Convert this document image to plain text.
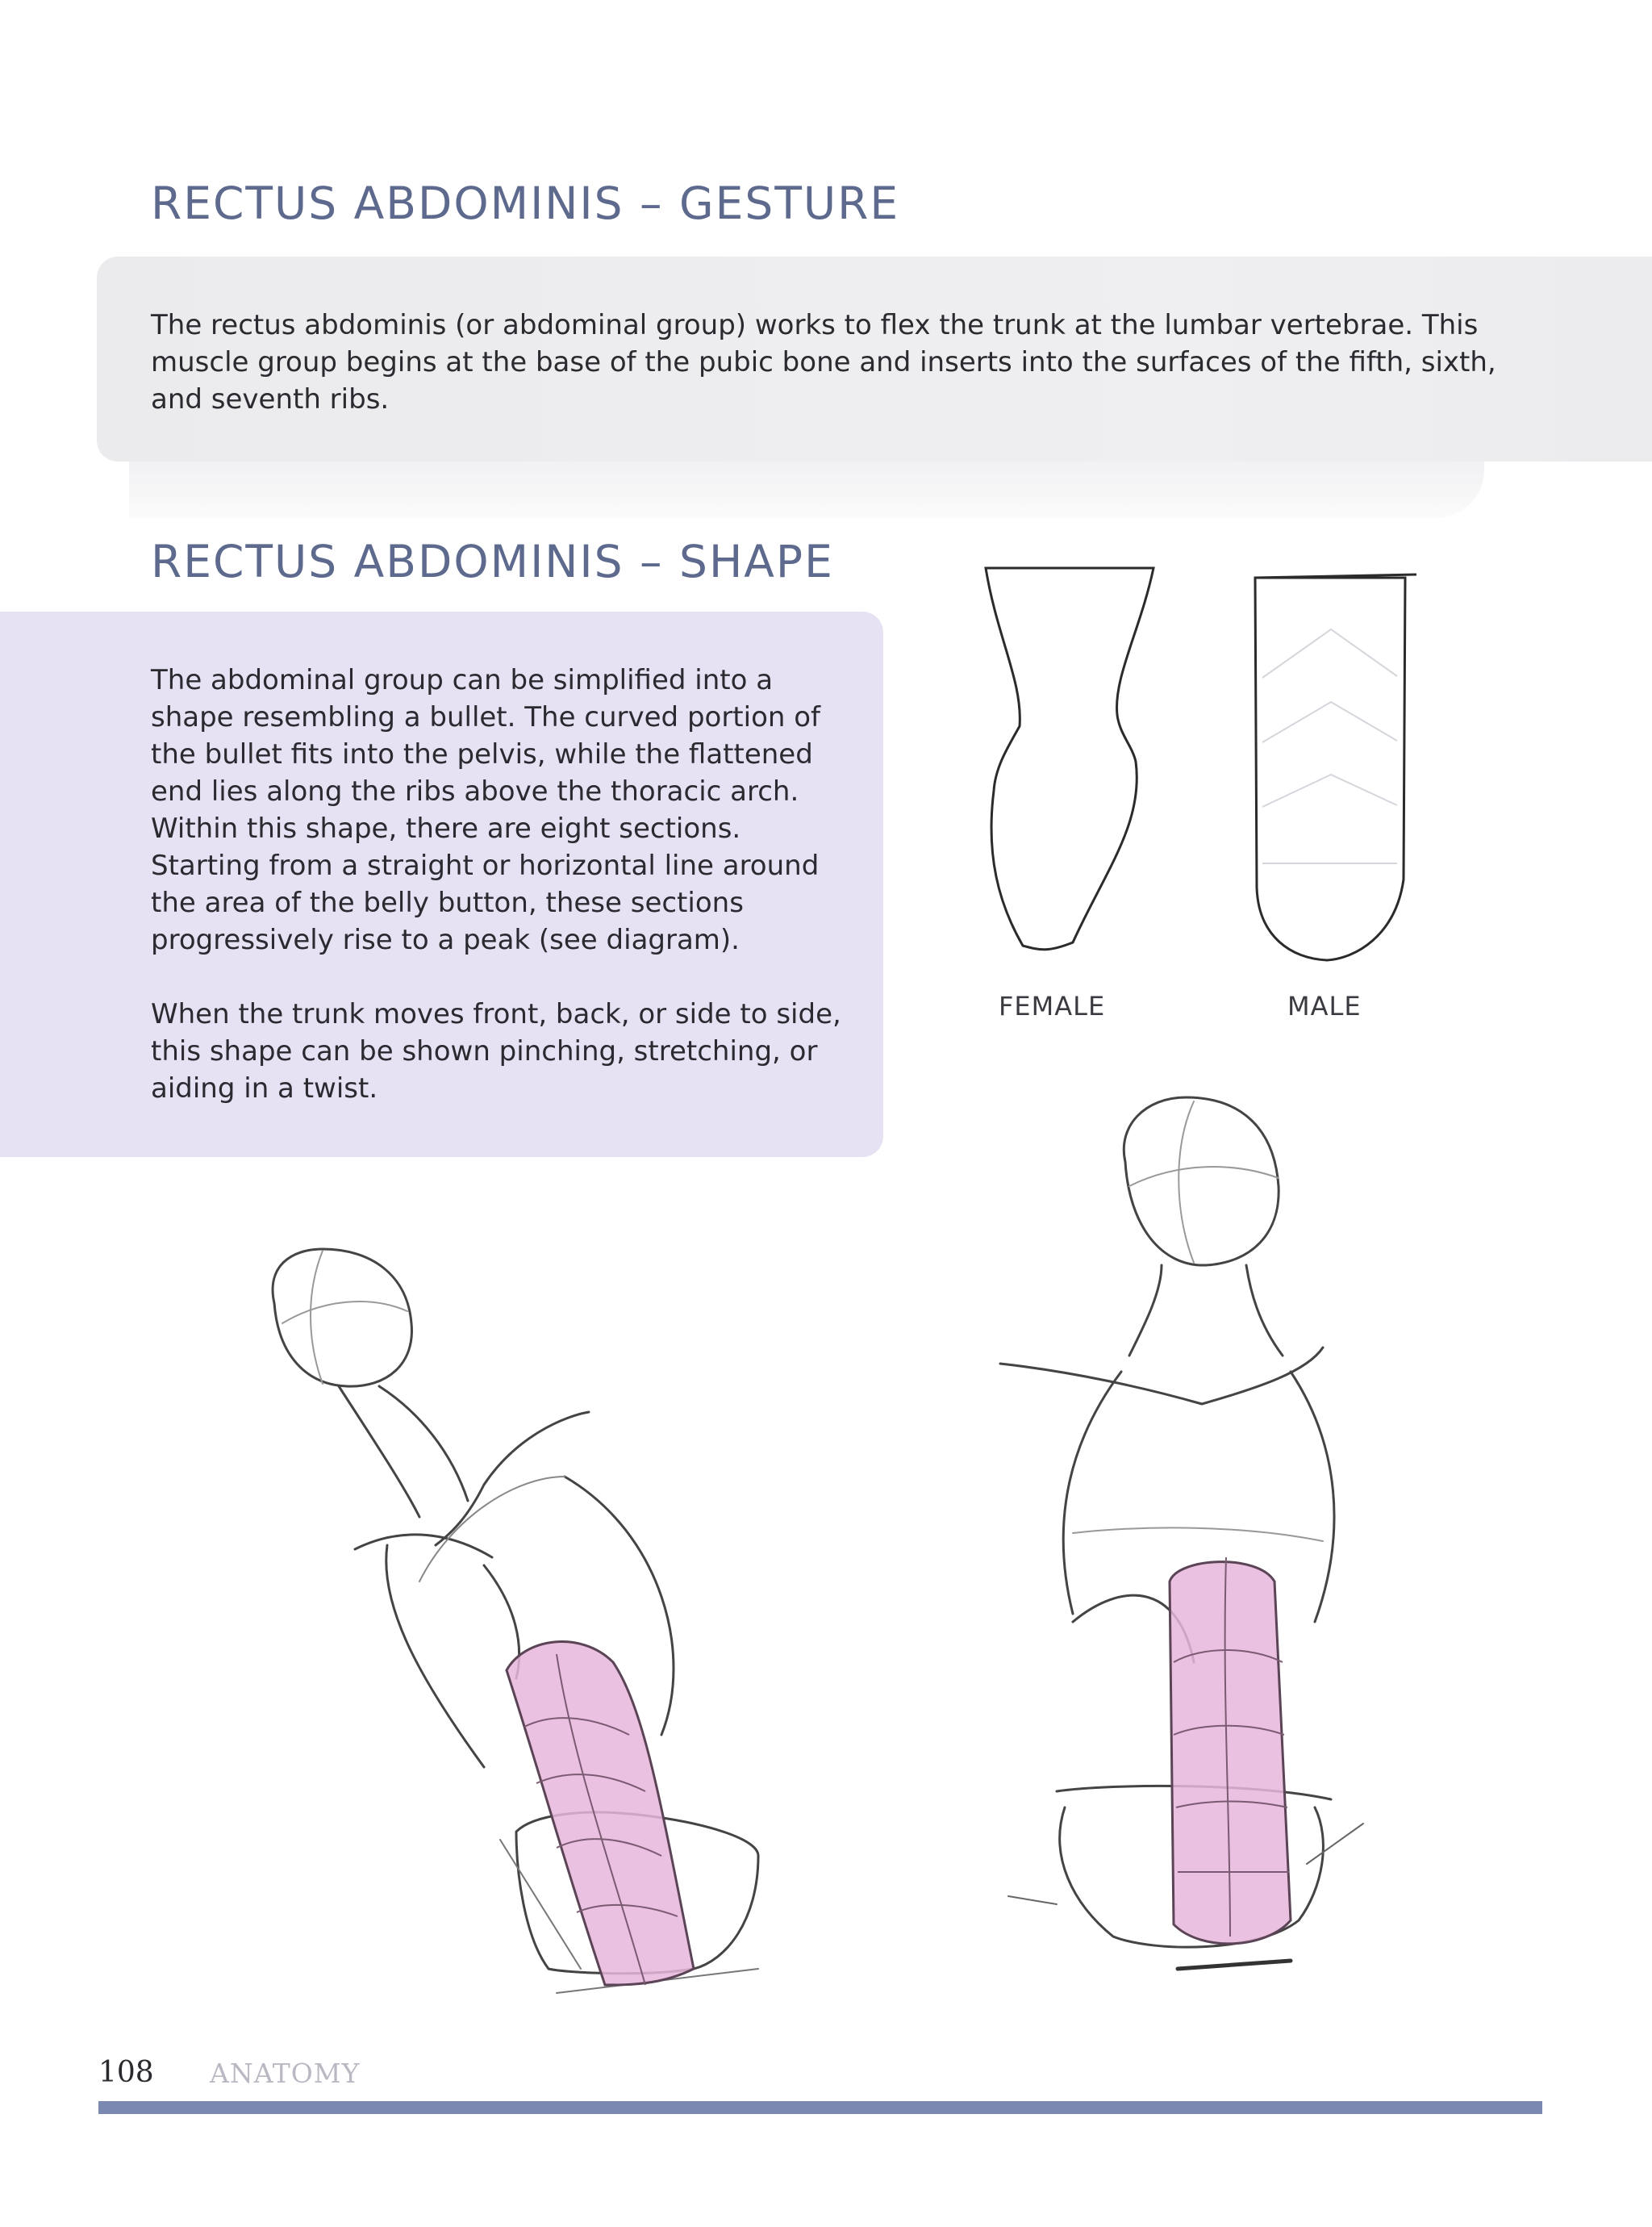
RECTUS ABDOMINIS – GESTURE

The rectus abdominis (or abdominal group) works to flex the trunk at the lumbar vertebrae. This muscle group begins at the base of the pubic bone and inserts into the surfaces of the fifth, sixth, and seventh ribs.

RECTUS ABDOMINIS – SHAPE

The abdominal group can be simplified into a shape resembling a bullet. The curved portion of the bullet fits into the pelvis, while the flattened end lies along the ribs above the thoracic arch. Within this shape, there are eight sections. Starting from a straight or horizontal line around the area of the belly button, these sections progressively rise to a peak (see diagram).

When the trunk moves front, back, or side to side, this shape can be shown pinching, stretching, or aiding in a twist.

FEMALE	MALE
108 ANATOMY
